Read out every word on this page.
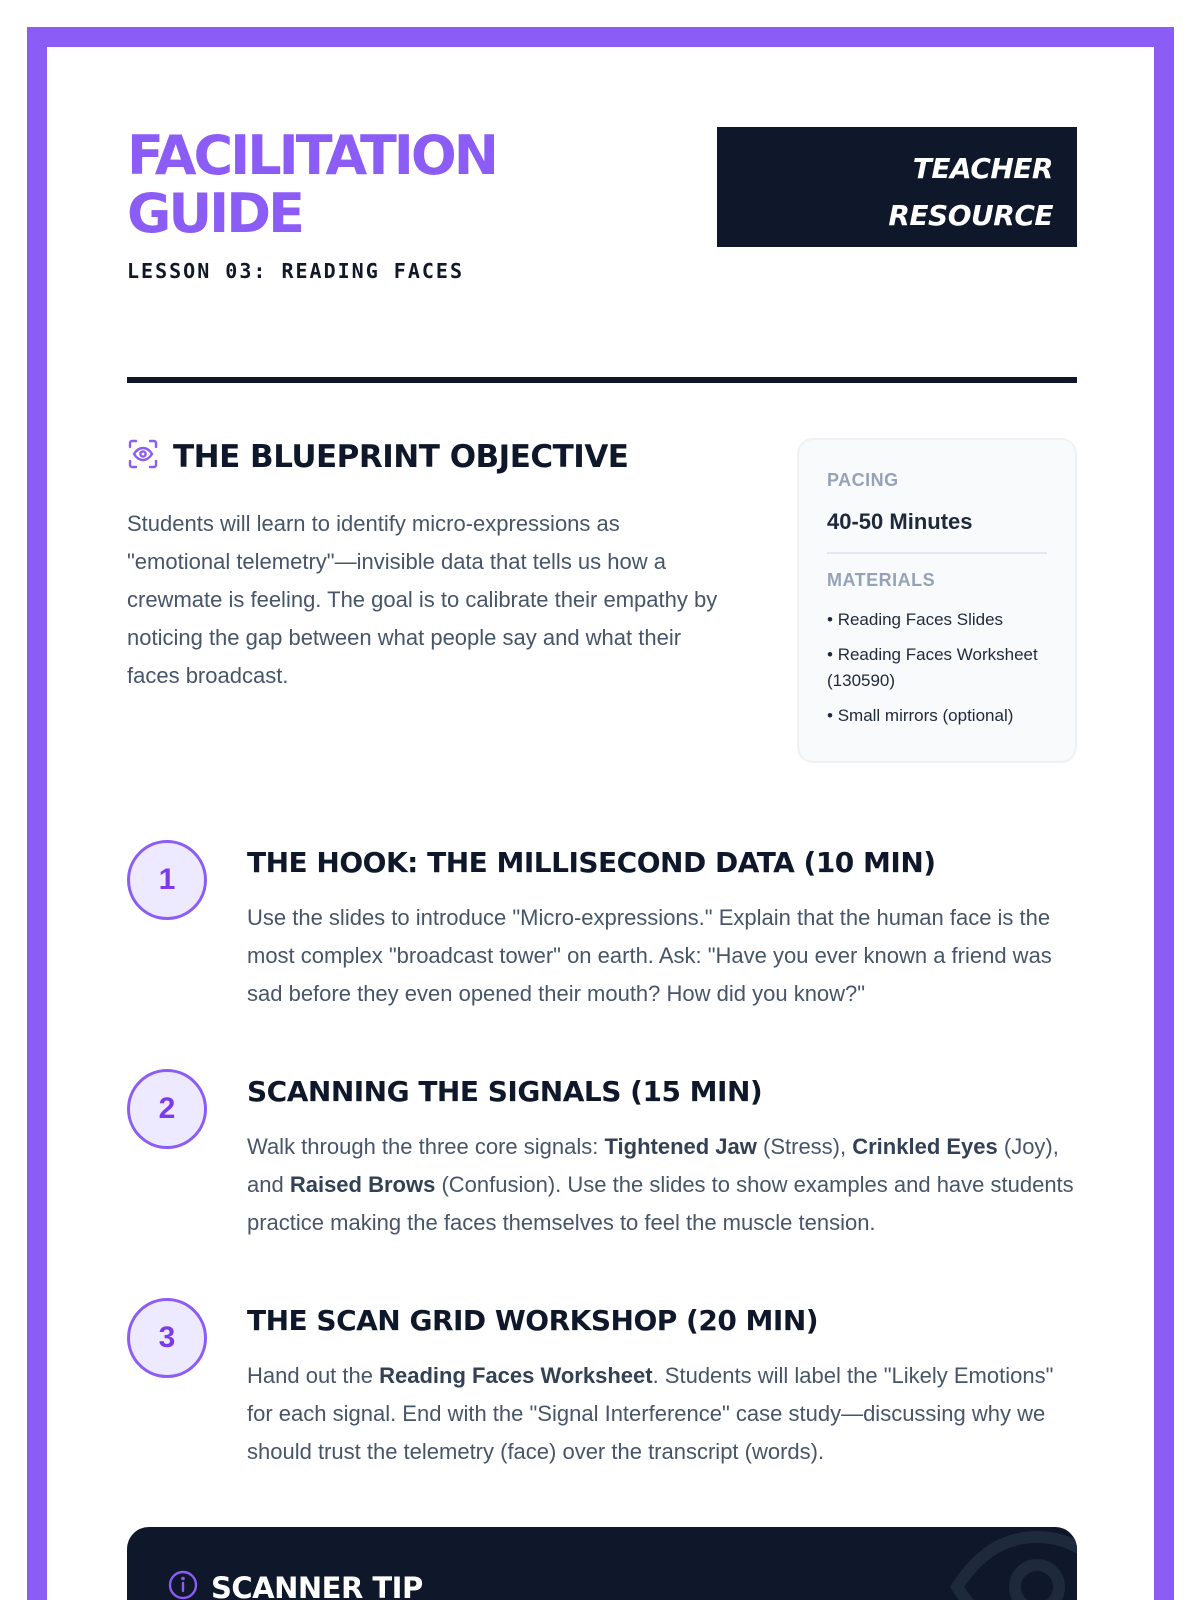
FACILITATION
GUIDE
LESSON 03: READING FACES
TEACHER
RESOURCE
THE BLUEPRINT OBJECTIVE

Students will learn to identify micro-expressions as "emotional telemetry"—invisible data that tells us how a crewmate is feeling. The goal is to calibrate their empathy by noticing the gap between what people say and what their faces broadcast.

PACING
40-50 Minutes
MATERIALS
• Reading Faces Slides
• Reading Faces Worksheet (130590)
• Small mirrors (optional)
1
THE HOOK: THE MILLISECOND DATA (10 MIN)

Use the slides to introduce "Micro-expressions." Explain that the human face is the most complex "broadcast tower" on earth. Ask: "Have you ever known a friend was sad before they even opened their mouth? How did you know?"

2
SCANNING THE SIGNALS (15 MIN)

Walk through the three core signals: Tightened Jaw (Stress), Crinkled Eyes (Joy), and Raised Brows (Confusion). Use the slides to show examples and have students practice making the faces themselves to feel the muscle tension.

3
THE SCAN GRID WORKSHOP (20 MIN)

Hand out the Reading Faces Worksheet. Students will label the "Likely Emotions" for each signal. End with the "Signal Interference" case study—discussing why we should trust the telemetry (face) over the transcript (words).

SCANNER TIP
